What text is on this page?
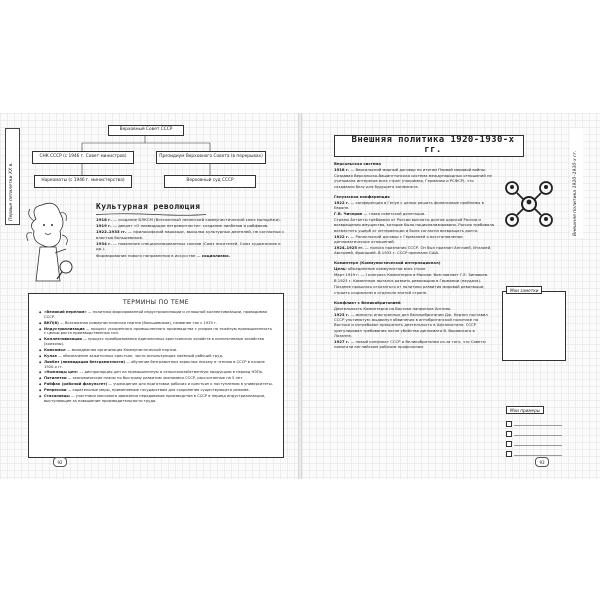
Первые пятилетки ХХ в.
Верховный Совет СССР
СНК СССР (с 1946 г. Совет министров)	Президиум Верховного Совета (в перерывах)
Наркоматы (с 1946 г. министерства)	Верховный суд СССР
Культурная революция

1918 г. — создание ВЛКСМ (Всесоюзный ленинский коммунистический союз молодёжи).

1919 г. — декрет «О ликвидации неграмотности»: создание ликбезов и рабфаков.

1922–1933 гг. — «философский пароход», высылка культурных деятелей, не согласных с властью большевиков.

1934 г. — появление специализированных союзов (Союз писателей, Союз художников и др.).

Формирование нового направления в искусстве — социализма.

ТЕРМИНЫ ПО ТЕМЕ
◆ «Великий перелом» — политика форсированной индустриализации и сплошной коллективизации, проводимая СССР.
◆ ВКП(б) — Всесоюзная коммунистическая партия (большевиков), название так с 1925 г.
◆ Индустриализация — процесс ускоренного промышленного производства с упором на тяжёлую промышленность с целью роста производственных сил.
◆ Коллективизация — процесс преобразования единоличных крестьянских хозяйств в коллективные хозяйства (колхозы).
◆ Комсомол — молодёжная организация Коммунистической партии.
◆ Кулак — обозначение зажиточных крестьян, часто использующих наёмный рабочий труд.
◆ Ликбез (ликвидация безграмотности) — обучение безграмотных взрослых письму и чтению в СССР в начале 1920-х гг.
◆ «Ножницы цен» — диспропорция цен на промышленную и сельскохозяйственную продукцию в период НЭПа.
◆ Пятилетки — экономические планы по быстрому развитию экономики СССР, рассчитанные на 5 лет.
◆ Рабфак (рабочий факультет) — учреждение для подготовки рабочих и крестьян к поступлению в университеты.
◆ Репрессии — карательные меры, применяемые государством для сохранения существующего режима.
◆ Стахановцы — участники массового движения передовиков производства в СССР в период индустриализации, выступающие за повышение производительности труда.
92
Внешняя политика 1920-1930-х гг.
Внешняя политика 1920–1930-х гг.

Версальская система

1918 г. — Версальский мирный договор по итогам Первой мировой войны.

Создавая Версальско-Вашингтонская система международных отношений не учитывала интересов всех стран (например, Германии и РСФСР), что создавало базу для будущего конфликта.

Генуэзская конференция

1922 г. — конференция в Генуе с целью решить финансовые проблемы в Европе.

Г.В. Чичерин — глава советской делегации.

Страны Антанты требовали от России выплаты долгов царской России и возвращения имущества, которое было национализировано. Россия требовала возместить ущерб от интервенции и была согласна возвращать долги.

1922 г. — Рапалльский договор с Германией о восстановлении дипломатических отношений.

1924–1925 гг. — полоса признания СССР. Он был признан Англией, Италией, Австрией, Францией. В 1933 г. СССР признали США.

Коминтерн (Коммунистический интернационал)

Цель: объединение коммунистов всех стран.

Март 1919 г. — I конгресс Коминтерна в Москве. Возглавляет Г.Е. Зиновьев.

В 1923 г. Коминтерн пытался развить революцию в Германии (неудача).

Позднее пришлось отказаться от политики развития мировой революции, строить социализм в отдельно взятой стране.

Конфликт с Великобританией

Деятельность Коминтерна на Востоке напрягала Англию.

1923 г. — министр иностранных дел Великобритании Дж. Керзон поставил СССР ультиматум: выдвинул обвинения в антибританской политике на Востоке и потребовал прекратить деятельность в Афганистане. СССР урегулировал требования после убийства дипломата В. Воровского в Лозанне.

1927 г. — новый конфликт СССР и Великобритании из-за того, что Советы помогали английским рабочим профсоюзам.

Мои заметки
Мои примеры
93
